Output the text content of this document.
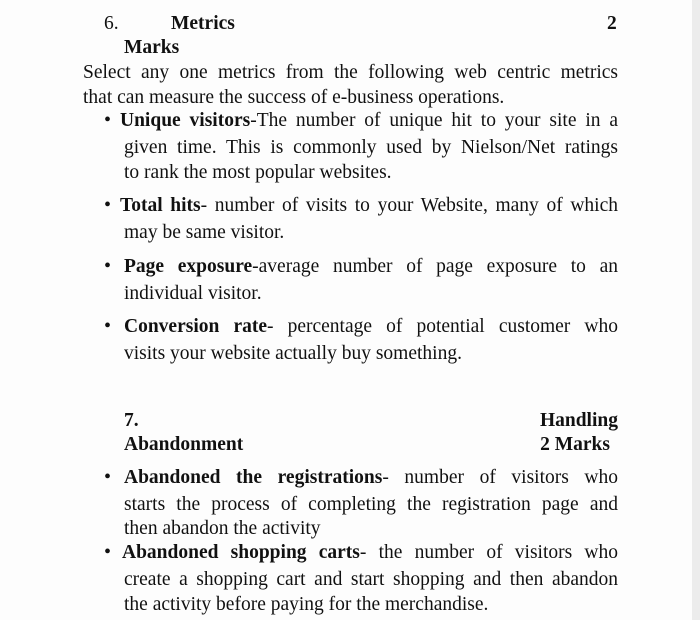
6.	Metrics	2
Marks
Select any one metrics from the following web centric metrics
that can measure the success of e-business operations.
• Unique visitors-The number of unique hit to your site in a
given time. This is commonly used by Nielson/Net ratings
to rank the most popular websites.
• Total hits- number of visits to your Website, many of which
may be same visitor.
• Page exposure-average number of page exposure to an
individual visitor.
• Conversion rate- percentage of potential customer who
visits your website actually buy something.
7.	Handling
Abandonment	2 Marks
• Abandoned the registrations- number of visitors who
starts the process of completing the registration page and
then abandon the activity
• Abandoned shopping carts- the number of visitors who
create a shopping cart and start shopping and then abandon
the activity before paying for the merchandise.
